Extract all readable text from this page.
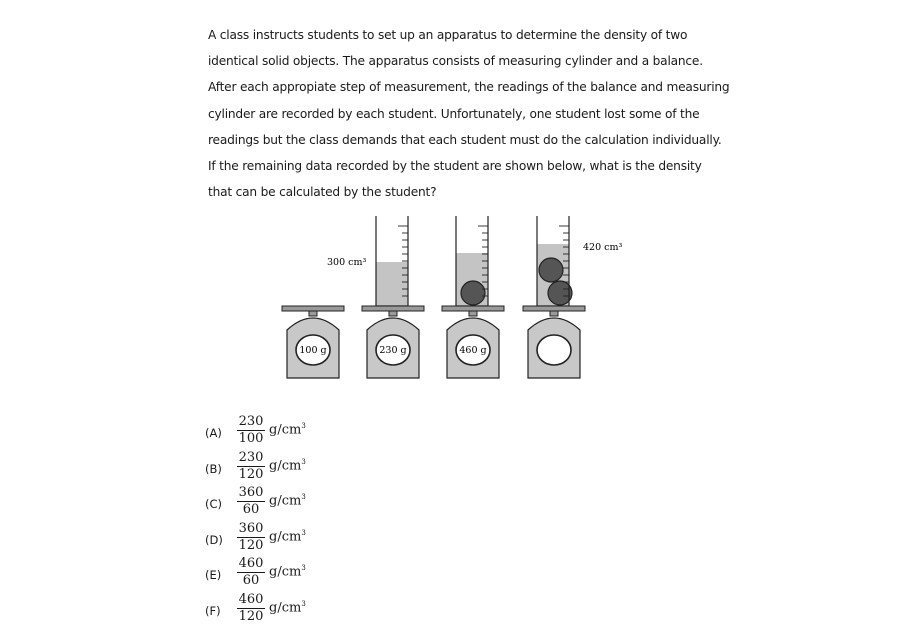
A class instructs students to set up an apparatus to determine the density of two

identical solid objects. The apparatus consists of measuring cylinder and a balance.

After each appropiate step of measurement, the readings of the balance and measuring

cylinder are recorded by each student. Unfortunately, one student lost some of the

readings but the class demands that each student must do the calculation individually.

If the remaining data recorded by the student are shown below, what is the density

that can be calculated by the student?

100 g
300 cm³
230 g	460 g
420 cm³
$(A) \frac{230}{100} g/cm^3$
$(B) \frac{230}{120} g/cm^3$
$(C) \frac{360}{60} g/cm^3$
$(D) \frac{360}{120} g/cm^3$
$(E) \frac{460}{60} g/cm^3$
$(F) \frac{460}{120} g/cm^3$
